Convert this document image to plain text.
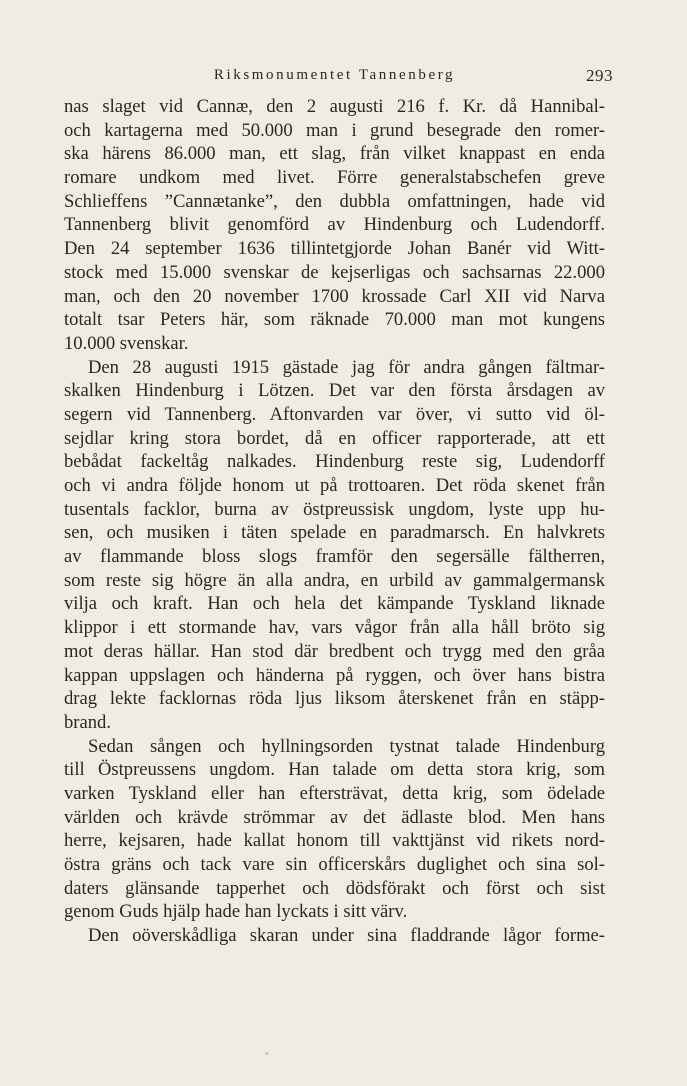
Riksmonumentet Tannenberg	293
nas slaget vid Cannæ, den 2 augusti 216 f. Kr. då Hannibal-
och kartagerna med 50.000 man i grund besegrade den romer-
ska härens 86.000 man, ett slag, från vilket knappast en enda
romare undkom med livet. Förre generalstabschefen greve
Schlieffens ”Cannætanke”, den dubbla omfattningen, hade vid
Tannenberg blivit genomförd av Hindenburg och Ludendorff.
Den 24 september 1636 tillintetgjorde Johan Banér vid Witt-
stock med 15.000 svenskar de kejserligas och sachsarnas 22.000
man, och den 20 november 1700 krossade Carl XII vid Narva
totalt tsar Peters här, som räknade 70.000 man mot kungens
10.000 svenskar.
Den 28 augusti 1915 gästade jag för andra gången fältmar-
skalken Hindenburg i Lötzen. Det var den första årsdagen av
segern vid Tannenberg. Aftonvarden var över, vi sutto vid öl-
sejdlar kring stora bordet, då en officer rapporterade, att ett
bebådat fackeltåg nalkades. Hindenburg reste sig, Ludendorff
och vi andra följde honom ut på trottoaren. Det röda skenet från
tusentals facklor, burna av östpreussisk ungdom, lyste upp hu-
sen, och musiken i täten spelade en paradmarsch. En halvkrets
av flammande bloss slogs framför den segersälle fältherren,
som reste sig högre än alla andra, en urbild av gammalgermansk
vilja och kraft. Han och hela det kämpande Tyskland liknade
klippor i ett stormande hav, vars vågor från alla håll bröto sig
mot deras hällar. Han stod där bredbent och trygg med den gråa
kappan uppslagen och händerna på ryggen, och över hans bistra
drag lekte facklornas röda ljus liksom återskenet från en stäpp-
brand.
Sedan sången och hyllningsorden tystnat talade Hindenburg
till Östpreussens ungdom. Han talade om detta stora krig, som
varken Tyskland eller han eftersträvat, detta krig, som ödelade
världen och krävde strömmar av det ädlaste blod. Men hans
herre, kejsaren, hade kallat honom till vakttjänst vid rikets nord-
östra gräns och tack vare sin officerskårs duglighet och sina sol-
daters glänsande tapperhet och dödsförakt och först och sist
genom Guds hjälp hade han lyckats i sitt värv.
Den oöverskådliga skaran under sina fladdrande lågor forme-
